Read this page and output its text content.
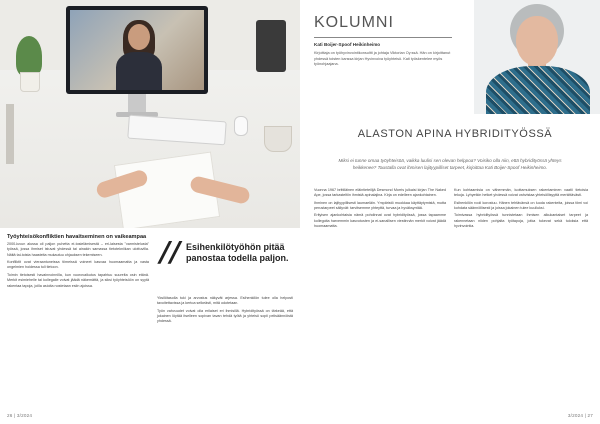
Työyhteisökonfliktien havaitseminen on vaikeampaa

2000-luvun alussa oli paljon puhetta ei-tosielämisestä – eri-laisesta "varmistelusta" työssä, jossa ihmiset istuvat yhdessä tai ainakin samassa tietotekniikan ulottuvilla. Näitä tai-toista haasteita mukautuu ohjauksen tekemiseen.

Konfliktit ovat vieraantuneissa tiimeissä voineet kasvaa huomaamatta ja vasta ongelmien hoidessa tuli tietoon.

Toimin tietoisesti havainnoinnilla, kun vuorovaikutus tapahtuu suurelta osin etänä. Merkit esimiehelle tai kollegalle voivat jäädä näkemättä, ja siksi työyhteisöön on syytä rakentaa tapoja, joilla asioita nostetaan esiin ajoissa.

// Esihenkilötyöhön pitää panostaa todella paljon.

Yksilötasolla tuki ja arvostus näkyvät arjessa. Esihenkilön tulee olla helposti tavoitettavissa ja kertoa selkeästi, mitä odotetaan.

Työn vahvuudet voivat olla erilaiset eri ihmisillä. Hybridityössä on tärkeää, että jokainen löytää itselleen sopivan tavan tehdä työtä ja yhteisö sopii pelisäännöistä yhdessä.

26 | 3/2024
KOLUMNI
Kati Boijer-Spoof Heikinheimo
Kirjoittaja on työhyvinvointikonsultti ja johtaja Viktorian Oy:ssä. Hän on kirjoittanut yhdessä toisten kanssa kirjan Hyvinvoiva työyhteisö. Kati työskentelee myös työnohjaajana.
ALASTON APINA HYBRIDITYÖSSÄ
Miksi ei tunne omaa työyhteisöä, vaikka luulisi sen olevan helppoa? Voisiko olla niin, että hybridityössä yhteys heikkenee? Taustalla ovat ihmisen lajityypilliset tarpeet, kirjoittaa Kati Boijer-Spoof Heikinheimo.

Vuonna 1967 brittiläinen eläintieteilijä Desmond Morris julkaisi kirjan The Naked Ape, jossa tarkasteltiin ihmistä apinalajina. Kirja on edelleen ajankohtainen.

Ihminen on lajityypillisesti laumaeläin. Ympäristö muokkaa käyttäytymistä, mutta perustarpeet säilyvät: tarvitsemme yhteyttä, turvaa ja hyväksyntää.

Erityisen ajankohtaisia nämä pohdinnat ovat hybridityössä, jossa tapaamme kollegoita harvemmin kasvotusten ja ei-sanallisen viestinnän merkit voivat jäädä huomaamatta.

Kun kohtaamisia on vähemmän, luottamuksen rakentaminen vaatii tietoisia tekoja. Lyhyetkin hetket yhdessä voivat vahvistaa yhteisöllisyyttä merkittävästi.

Esihenkilön rooli korostuu. Hänen tehtävänsä on luoda rakenteita, joissa tiimi voi kohdata säännöllisesti ja joissa jokainen tulee kuulluksi.

Toimivassa hybridityössä tunnistetaan ihmisen alkukantaiset tarpeet ja rakennetaan niiden pohjalta työtapoja, jotka tukevat sekä tuloksia että hyvinvointia.

3/2024 | 27
